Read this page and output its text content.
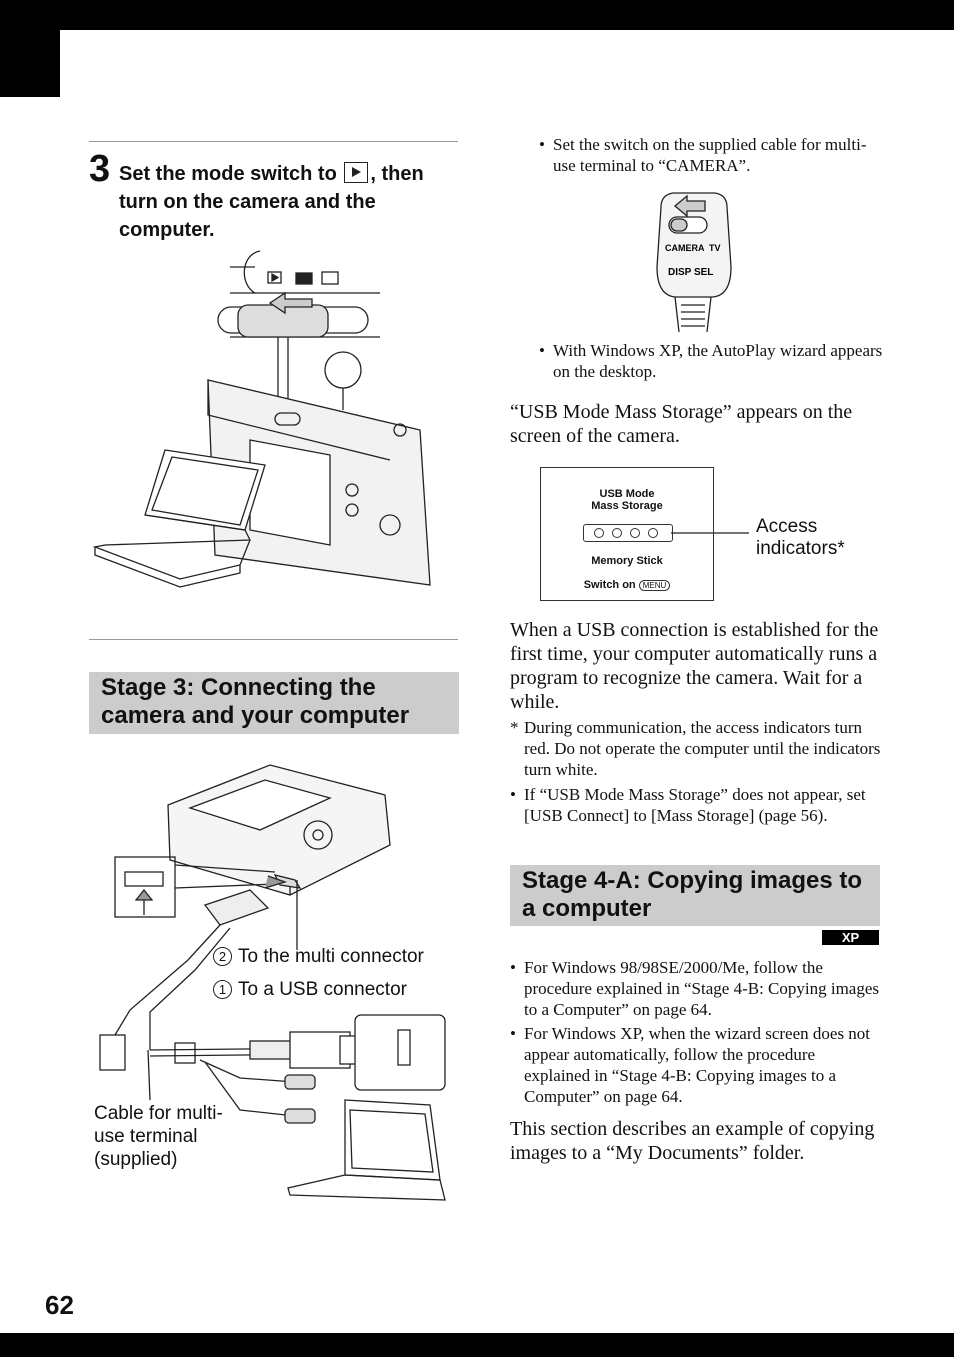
3 Set the mode switch to , then turn on the camera and the computer.
Stage 3: Connecting the camera and your computer
2 To the multi connector
1 To a USB connector
Cable for multi-use terminal (supplied)
• Set the switch on the supplied cable for multi-use terminal to “CAMERA”.
CAMERA TV
DISP SEL
• With Windows XP, the AutoPlay wizard appears on the desktop.
“USB Mode Mass Storage” appears on the screen of the camera.
USB Mode
Mass Storage
Memory Stick
Switch on MENU
Access indicators*
When a USB connection is established for the first time, your computer automatically runs a program to recognize the camera. Wait for a while.
* During communication, the access indicators turn red. Do not operate the computer until the indicators turn white.
• If “USB Mode Mass Storage” does not appear, set [USB Connect] to [Mass Storage] (page 56).
Stage 4-A: Copying images to a computer
XP
• For Windows 98/98SE/2000/Me, follow the procedure explained in “Stage 4-B: Copying images to a Computer” on page 64.
• For Windows XP, when the wizard screen does not appear automatically, follow the procedure explained in “Stage 4-B: Copying images to a Computer” on page 64.
This section describes an example of copying images to a “My Documents” folder.
62
